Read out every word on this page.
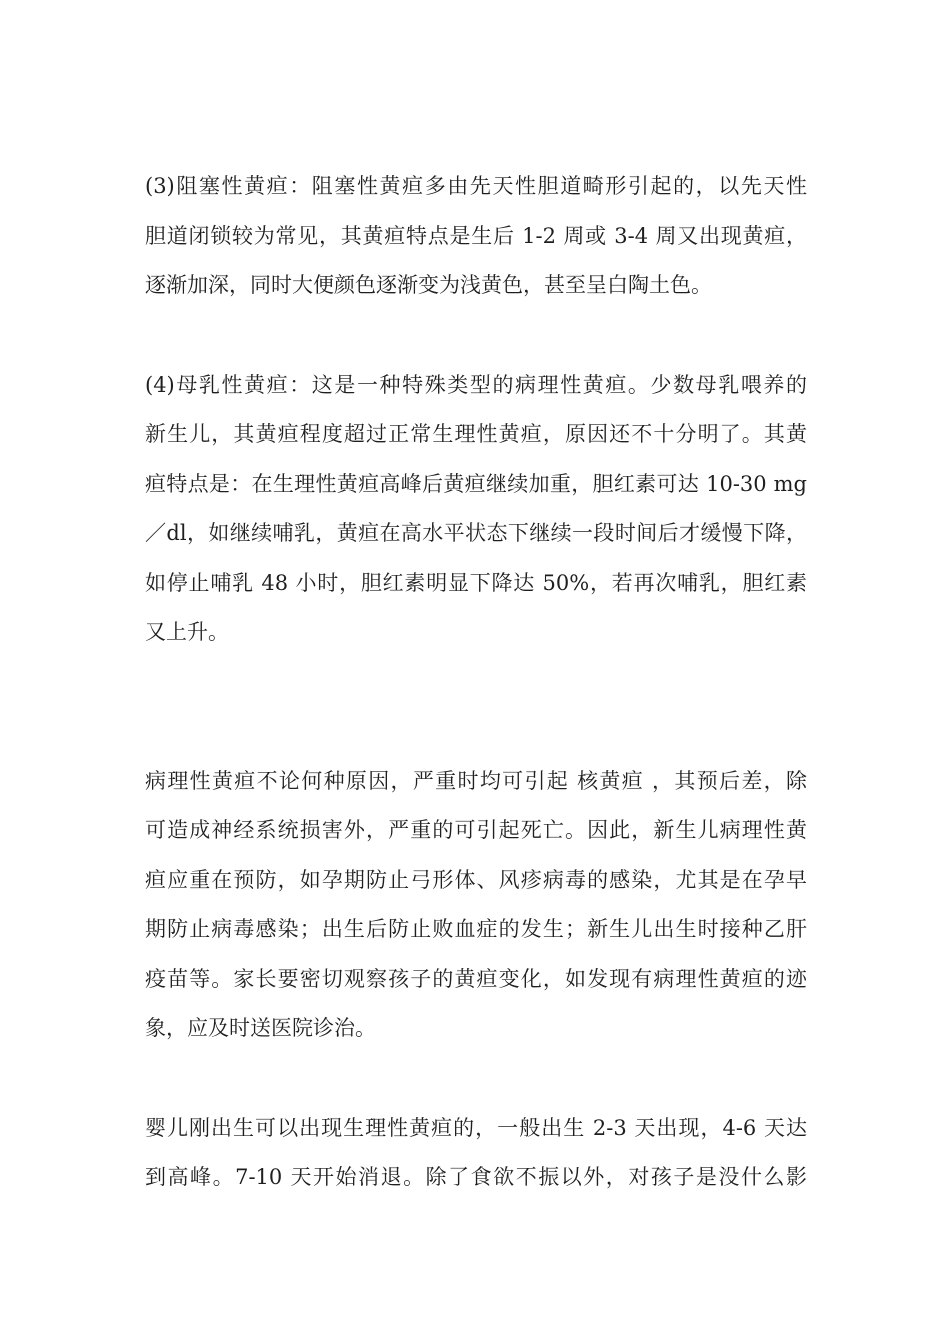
(3)阻塞性黄疸：阻塞性黄疸多由先天性胆道畸形引起的，以先天性
胆道闭锁较为常见，其黄疸特点是生后 1-2 周或 3-4 周又出现黄疸，
逐渐加深，同时大便颜色逐渐变为浅黄色，甚至呈白陶土色。
(4)母乳性黄疸：这是一种特殊类型的病理性黄疸。少数母乳喂养的
新生儿，其黄疸程度超过正常生理性黄疸，原因还不十分明了。其黄
疸特点是：在生理性黄疸高峰后黄疸继续加重，胆红素可达 10-30 mg
／dl，如继续哺乳，黄疸在高水平状态下继续一段时间后才缓慢下降，
如停止哺乳 48 小时，胆红素明显下降达 50%，若再次哺乳，胆红素
又上升。
病理性黄疸不论何种原因，严重时均可引起 核黄疸 ，其预后差，除
可造成神经系统损害外，严重的可引起死亡。因此，新生儿病理性黄
疸应重在预防，如孕期防止弓形体、风疹病毒的感染，尤其是在孕早
期防止病毒感染；出生后防止败血症的发生；新生儿出生时接种乙肝
疫苗等。家长要密切观察孩子的黄疸变化，如发现有病理性黄疸的迹
象，应及时送医院诊治。
婴儿刚出生可以出现生理性黄疸的，一般出生 2-3 天出现，4-6 天达
到高峰。7-10 天开始消退。除了食欲不振以外，对孩子是没什么影
